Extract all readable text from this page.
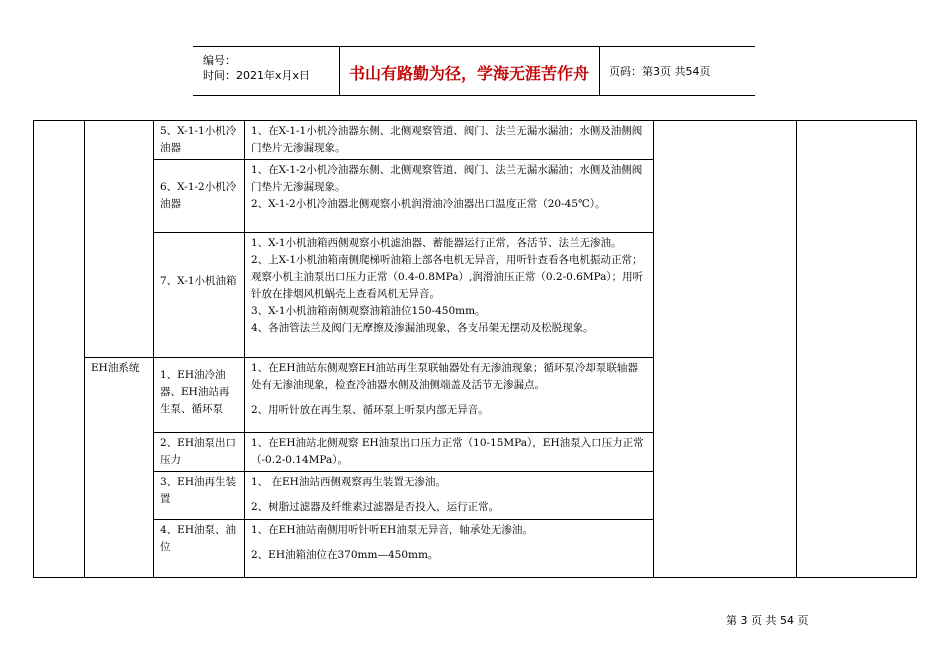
编号：
时间：2021年x月x日	书山有路勤为径，学海无涯苦作舟	页码：第3页 共54页
		5、X-1-1小机冷油器	1、在X-1-1小机冷油器东侧、北侧观察管道、阀门、法兰无漏水漏油；水侧及油侧阀门垫片无渗漏现象。		

		6、X-1-2小机冷油器	1、在X-1-2小机冷油器东侧、北侧观察管道、阀门、法兰无漏水漏油；水侧及油侧阀门垫片无渗漏现象。
2、X-1-2小机冷油器北侧观察小机润滑油冷油器出口温度正常（20-45℃）。		

		7、X-1小机油箱	1、X-1小机油箱西侧观察小机滤油器、蓄能器运行正常，各活节、法兰无渗油。
2、上X-1小机油箱南侧爬梯听油箱上部各电机无异音，用听针查看各电机振动正常；观察小机主油泵出口压力正常（0.4-0.8MPa）,润滑油压正常（0.2-0.6MPa）；用听针放在排烟风机蜗壳上查看风机无异音。
3、X-1小机油箱南侧观察油箱油位150-450mm。
4、各油管法兰及阀门无摩擦及渗漏油现象，各支吊架无摆动及松脱现象。		

	EH油系统	1、EH油冷油器、EH油站再生泵、循环泵	1、在EH油站东侧观察EH油站再生泵联轴器处有无渗油现象；循环泵冷却泵联轴器处有无渗油现象，检查冷油器水侧及油侧端盖及活节无渗漏点。
2、用听针放在再生泵、循环泵上听泵内部无异音。		

		2、EH油泵出口压力	1、在EH油站北侧观察 EH油泵出口压力正常（10-15MPa），EH油泵入口压力正常（-0.2-0.14MPa）。		

		3、EH油再生装置	1、 在EH油站西侧观察再生装置无渗油。
2、树脂过滤器及纤维素过滤器是否投入，运行正常。		

		4、EH油泵、油位	1、在EH油站南侧用听针听EH油泵无异音，轴承处无渗油。
2、EH油箱油位在370mm—450mm。		
第 3 页 共 54 页
